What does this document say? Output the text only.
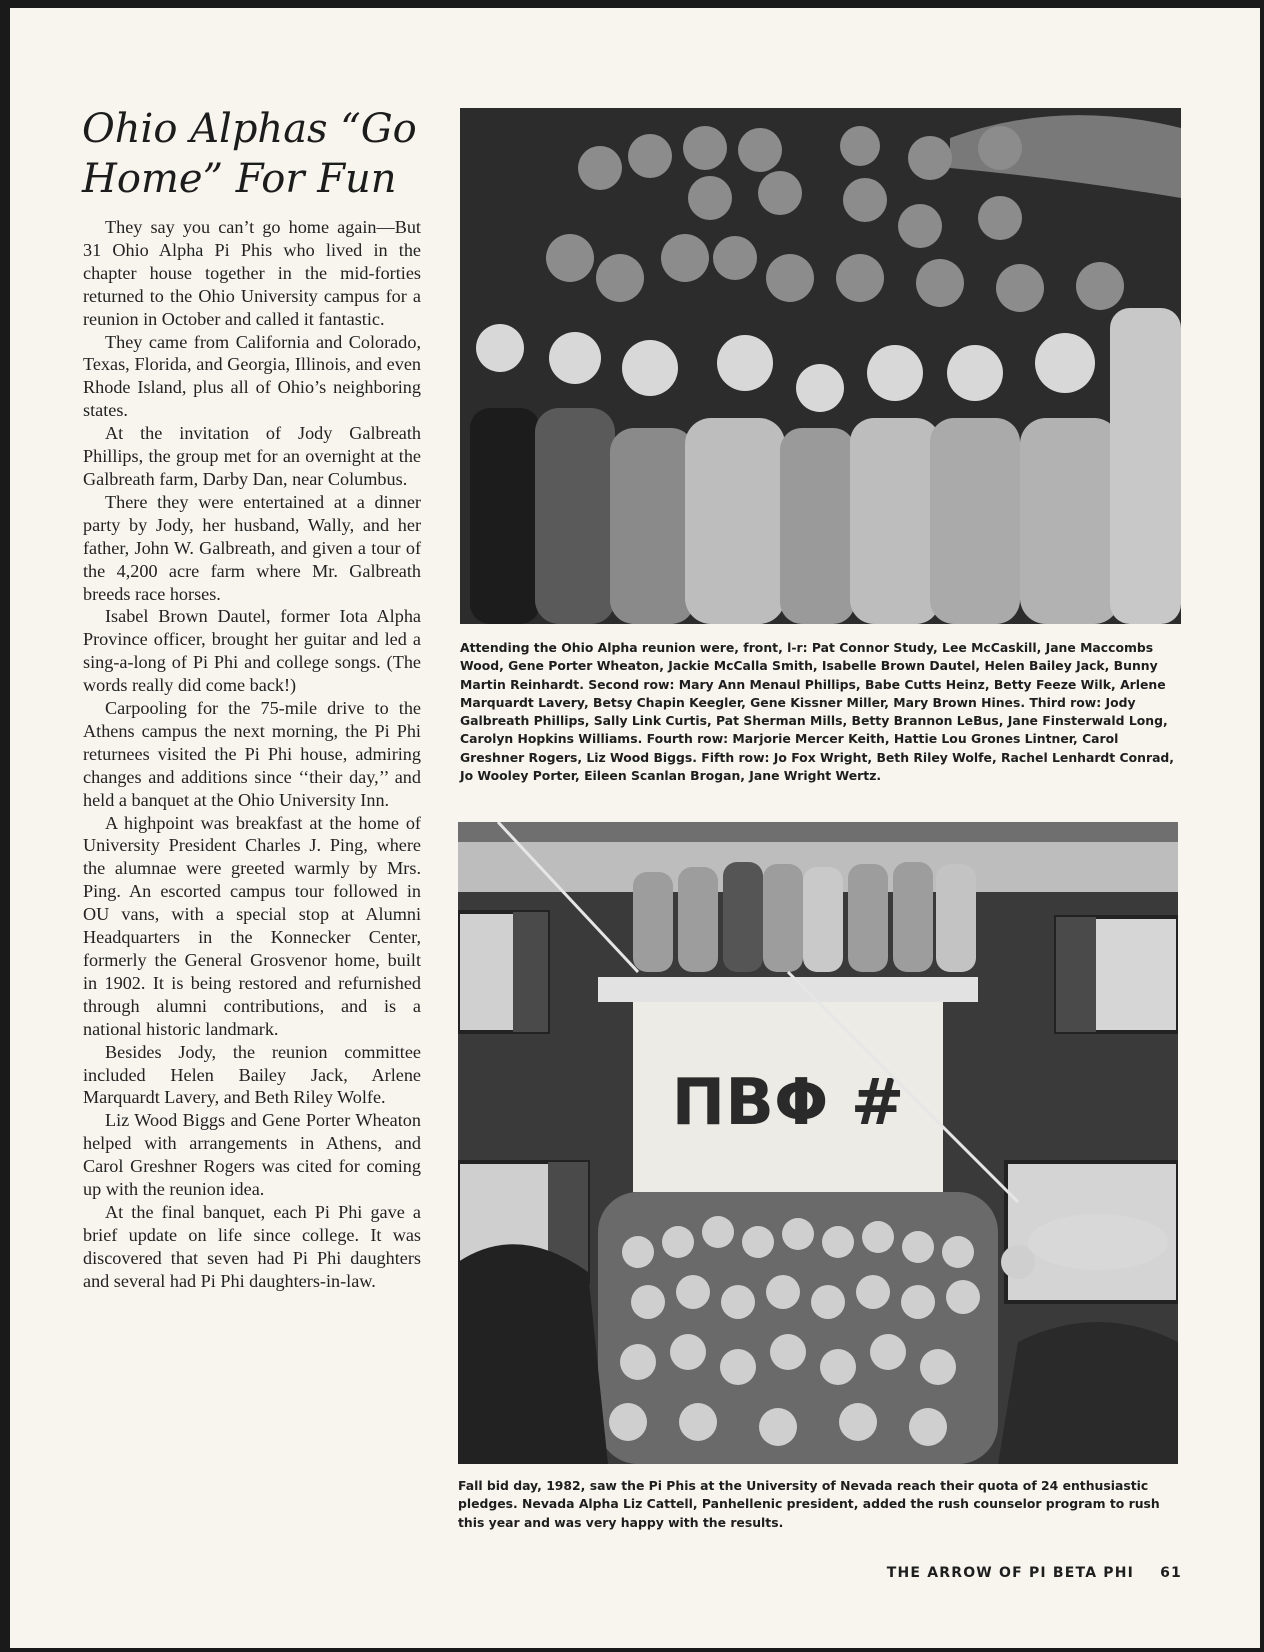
Ohio Alphas “Go Home” For Fun

They say you can’t go home again—But 31 Ohio Alpha Pi Phis who lived in the chapter house together in the mid-forties returned to the Ohio University campus for a reunion in October and called it fantastic.

They came from California and Colorado, Texas, Florida, and Georgia, Illinois, and even Rhode Island, plus all of Ohio’s neighboring states.

At the invitation of Jody Galbreath Phillips, the group met for an overnight at the Galbreath farm, Darby Dan, near Columbus.

There they were entertained at a dinner party by Jody, her husband, Wally, and her father, John W. Galbreath, and given a tour of the 4,200 acre farm where Mr. Galbreath breeds race horses.

Isabel Brown Dautel, former Iota Alpha Province officer, brought her guitar and led a sing-a-long of Pi Phi and college songs. (The words really did come back!)

Carpooling for the 75-mile drive to the Athens campus the next morning, the Pi Phi returnees visited the Pi Phi house, admiring changes and additions since ‘‘their day,’’ and held a banquet at the Ohio University Inn.

A highpoint was breakfast at the home of University President Charles J. Ping, where the alumnae were greeted warmly by Mrs. Ping. An escorted campus tour followed in OU vans, with a special stop at Alumni Headquarters in the Konnecker Center, formerly the General Grosvenor home, built in 1902. It is being restored and refurnished through alumni contributions, and is a national historic landmark.

Besides Jody, the reunion committee included Helen Bailey Jack, Arlene Marquardt Lavery, and Beth Riley Wolfe.

Liz Wood Biggs and Gene Porter Wheaton helped with arrangements in Athens, and Carol Greshner Rogers was cited for coming up with the reunion idea.

At the final banquet, each Pi Phi gave a brief update on life since college. It was discovered that seven had Pi Phi daughters and several had Pi Phi daughters-in-law.

Attending the Ohio Alpha reunion were, front, l-r: Pat Connor Study, Lee McCaskill, Jane Maccombs Wood, Gene Porter Wheaton, Jackie McCalla Smith, Isabelle Brown Dautel, Helen Bailey Jack, Bunny Martin Reinhardt. Second row: Mary Ann Menaul Phillips, Babe Cutts Heinz, Betty Feeze Wilk, Arlene Marquardt Lavery, Betsy Chapin Keegler, Gene Kissner Miller, Mary Brown Hines. Third row: Jody Galbreath Phillips, Sally Link Curtis, Pat Sherman Mills, Betty Brannon LeBus, Jane Finsterwald Long, Carolyn Hopkins Williams. Fourth row: Marjorie Mercer Keith, Hattie Lou Grones Lintner, Carol Greshner Rogers, Liz Wood Biggs. Fifth row: Jo Fox Wright, Beth Riley Wolfe, Rachel Lenhardt Conrad, Jo Wooley Porter, Eileen Scanlan Brogan, Jane Wright Wertz.

ΠΒΦ #

Fall bid day, 1982, saw the Pi Phis at the University of Nevada reach their quota of 24 enthusiastic pledges. Nevada Alpha Liz Cattell, Panhellenic president, added the rush counselor program to rush this year and was very happy with the results.

THE ARROW OF PI BETA PHI 61
